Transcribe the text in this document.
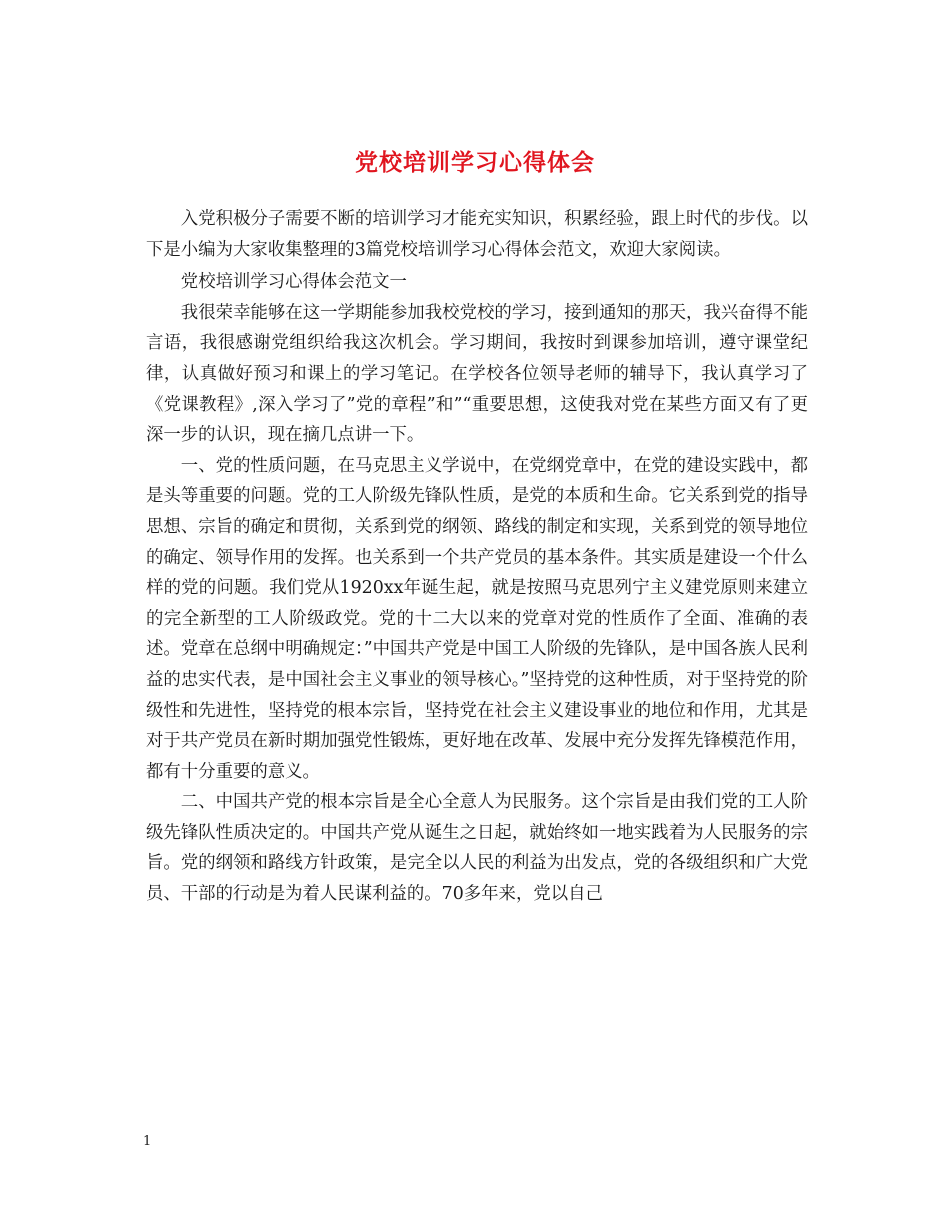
党校培训学习心得体会

入党积极分子需要不断的培训学习才能充实知识，积累经验，跟上时代的步伐。以下是小编为大家收集整理的3篇党校培训学习心得体会范文，欢迎大家阅读。

党校培训学习心得体会范文一

我很荣幸能够在这一学期能参加我校党校的学习，接到通知的那天，我兴奋得不能言语，我很感谢党组织给我这次机会。学习期间，我按时到课参加培训，遵守课堂纪律，认真做好预习和课上的学习笔记。在学校各位领导老师的辅导下，我认真学习了《党课教程》,深入学习了”党的章程”和”“重要思想，这使我对党在某些方面又有了更深一步的认识，现在摘几点讲一下。

一、党的性质问题，在马克思主义学说中，在党纲党章中，在党的建设实践中，都是头等重要的问题。党的工人阶级先锋队性质，是党的本质和生命。它关系到党的指导思想、宗旨的确定和贯彻，关系到党的纲领、路线的制定和实现，关系到党的领导地位的确定、领导作用的发挥。也关系到一个共产党员的基本条件。其实质是建设一个什么样的党的问题。我们党从1920xx年诞生起，就是按照马克思列宁主义建党原则来建立的完全新型的工人阶级政党。党的十二大以来的党章对党的性质作了全面、准确的表述。党章在总纲中明确规定：”中国共产党是中国工人阶级的先锋队，是中国各族人民利益的忠实代表，是中国社会主义事业的领导核心。”坚持党的这种性质，对于坚持党的阶级性和先进性，坚持党的根本宗旨，坚持党在社会主义建设事业的地位和作用，尤其是对于共产党员在新时期加强党性锻炼，更好地在改革、发展中充分发挥先锋模范作用，都有十分重要的意义。

二、中国共产党的根本宗旨是全心全意人为民服务。这个宗旨是由我们党的工人阶级先锋队性质决定的。中国共产党从诞生之日起，就始终如一地实践着为人民服务的宗旨。党的纲领和路线方针政策，是完全以人民的利益为出发点，党的各级组织和广大党员、干部的行动是为着人民谋利益的。70多年来，党以自己

1
